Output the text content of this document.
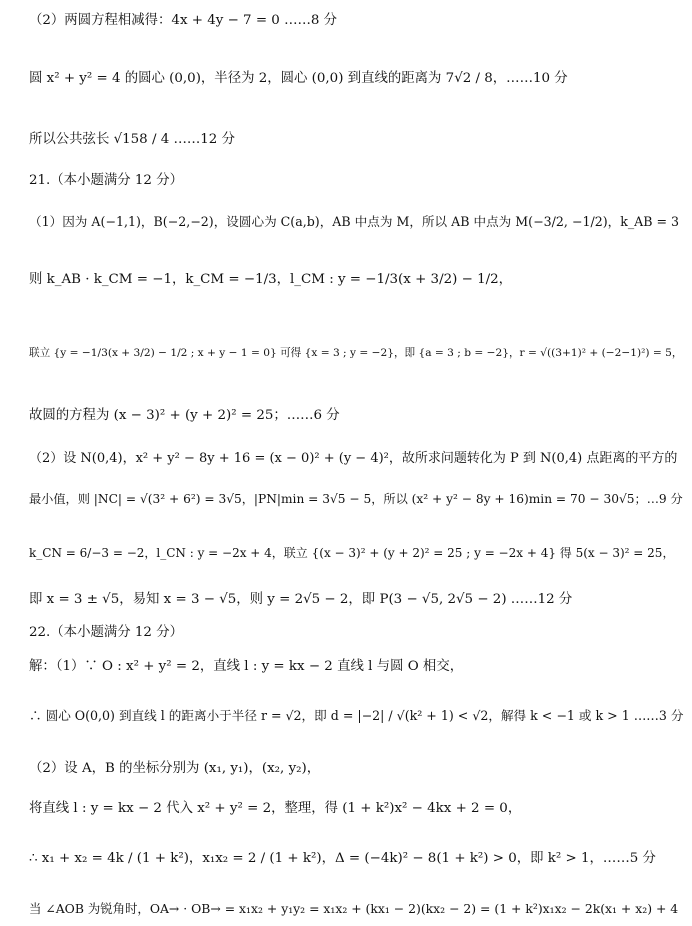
（2）两圆方程相减得：4x + 4y − 7 = 0 ……8 分
圆 x² + y² = 4 的圆心 (0,0)，半径为 2，圆心 (0,0) 到直线的距离为 7√2 / 8，……10 分
所以公共弦长 √158 / 4 ……12 分
21.（本小题满分 12 分）
（1）因为 A(−1,1)，B(−2,−2)，设圆心为 C(a,b)，AB 中点为 M，所以 AB 中点为 M(−3/2, −1/2)，k_AB = 3
则 k_AB · k_CM = −1，k_CM = −1/3，l_CM : y = −1/3(x + 3/2) − 1/2，
联立 {y = −1/3(x + 3/2) − 1/2 ; x + y − 1 = 0} 可得 {x = 3 ; y = −2}，即 {a = 3 ; b = −2}，r = √((3+1)² + (−2−1)²) = 5，
故圆的方程为 (x − 3)² + (y + 2)² = 25；……6 分
（2）设 N(0,4)，x² + y² − 8y + 16 = (x − 0)² + (y − 4)²，故所求问题转化为 P 到 N(0,4) 点距离的平方的
最小值，则 |NC| = √(3² + 6²) = 3√5，|PN|min = 3√5 − 5，所以 (x² + y² − 8y + 16)min = 70 − 30√5；…9 分
k_CN = 6/−3 = −2，l_CN : y = −2x + 4，联立 {(x − 3)² + (y + 2)² = 25 ; y = −2x + 4} 得 5(x − 3)² = 25，
即 x = 3 ± √5，易知 x = 3 − √5，则 y = 2√5 − 2，即 P(3 − √5, 2√5 − 2) ……12 分
22.（本小题满分 12 分）
解：（1）∵ O : x² + y² = 2，直线 l : y = kx − 2 直线 l 与圆 O 相交，
∴ 圆心 O(0,0) 到直线 l 的距离小于半径 r = √2，即 d = |−2| / √(k² + 1) < √2，解得 k < −1 或 k > 1 ……3 分
（2）设 A，B 的坐标分别为 (x₁, y₁)，(x₂, y₂)，
将直线 l : y = kx − 2 代入 x² + y² = 2，整理，得 (1 + k²)x² − 4kx + 2 = 0，
∴ x₁ + x₂ = 4k / (1 + k²)，x₁x₂ = 2 / (1 + k²)，Δ = (−4k)² − 8(1 + k²) > 0，即 k² > 1，……5 分
当 ∠AOB 为锐角时，OA→ · OB→ = x₁x₂ + y₁y₂ = x₁x₂ + (kx₁ − 2)(kx₂ − 2) = (1 + k²)x₁x₂ − 2k(x₁ + x₂) + 4
